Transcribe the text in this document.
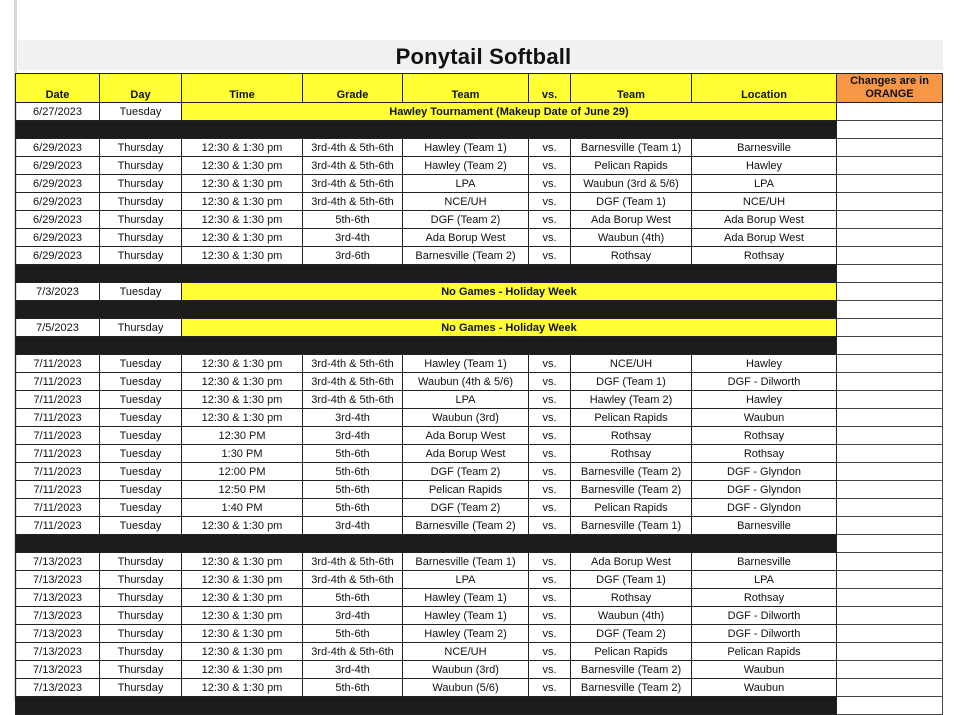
Ponytail Softball
Date	Day	Time	Grade	Team	vs.	Team	Location	Changes are in ORANGE
6/27/2023	Tuesday	Hawley Tournament (Makeup Date of June 29)						

6/29/2023	Thursday	12:30 & 1:30 pm	3rd-4th & 5th-6th	Hawley (Team 1)	vs.	Barnesville (Team 1)	Barnesville	
6/29/2023	Thursday	12:30 & 1:30 pm	3rd-4th & 5th-6th	Hawley (Team 2)	vs.	Pelican Rapids	Hawley	
6/29/2023	Thursday	12:30 & 1:30 pm	3rd-4th & 5th-6th	LPA	vs.	Waubun (3rd & 5/6)	LPA	
6/29/2023	Thursday	12:30 & 1:30 pm	3rd-4th & 5th-6th	NCE/UH	vs.	DGF (Team 1)	NCE/UH	
6/29/2023	Thursday	12:30 & 1:30 pm	5th-6th	DGF (Team 2)	vs.	Ada Borup West	Ada Borup West	
6/29/2023	Thursday	12:30 & 1:30 pm	3rd-4th	Ada Borup West	vs.	Waubun (4th)	Ada Borup West	
6/29/2023	Thursday	12:30 & 1:30 pm	3rd-6th	Barnesville (Team 2)	vs.	Rothsay	Rothsay	

7/3/2023	Tuesday	No Games - Holiday Week						

7/5/2023	Thursday	No Games - Holiday Week						

7/11/2023	Tuesday	12:30 & 1:30 pm	3rd-4th & 5th-6th	Hawley (Team 1)	vs.	NCE/UH	Hawley	
7/11/2023	Tuesday	12:30 & 1:30 pm	3rd-4th & 5th-6th	Waubun (4th & 5/6)	vs.	DGF (Team 1)	DGF - Dilworth	
7/11/2023	Tuesday	12:30 & 1:30 pm	3rd-4th & 5th-6th	LPA	vs.	Hawley (Team 2)	Hawley	
7/11/2023	Tuesday	12:30 & 1:30 pm	3rd-4th	Waubun (3rd)	vs.	Pelican Rapids	Waubun	
7/11/2023	Tuesday	12:30 PM	3rd-4th	Ada Borup West	vs.	Rothsay	Rothsay	
7/11/2023	Tuesday	1:30 PM	5th-6th	Ada Borup West	vs.	Rothsay	Rothsay	
7/11/2023	Tuesday	12:00 PM	5th-6th	DGF (Team 2)	vs.	Barnesville (Team 2)	DGF - Glyndon	
7/11/2023	Tuesday	12:50 PM	5th-6th	Pelican Rapids	vs.	Barnesville (Team 2)	DGF - Glyndon	
7/11/2023	Tuesday	1:40 PM	5th-6th	DGF (Team 2)	vs.	Pelican Rapids	DGF - Glyndon	
7/11/2023	Tuesday	12:30 & 1:30 pm	3rd-4th	Barnesville (Team 2)	vs.	Barnesville (Team 1)	Barnesville	

7/13/2023	Thursday	12:30 & 1:30 pm	3rd-4th & 5th-6th	Barnesville (Team 1)	vs.	Ada Borup West	Barnesville	
7/13/2023	Thursday	12:30 & 1:30 pm	3rd-4th & 5th-6th	LPA	vs.	DGF (Team 1)	LPA	
7/13/2023	Thursday	12:30 & 1:30 pm	5th-6th	Hawley (Team 1)	vs.	Rothsay	Rothsay	
7/13/2023	Thursday	12:30 & 1:30 pm	3rd-4th	Hawley (Team 1)	vs.	Waubun (4th)	DGF - Dilworth	
7/13/2023	Thursday	12:30 & 1:30 pm	5th-6th	Hawley (Team 2)	vs.	DGF (Team 2)	DGF - Dilworth	
7/13/2023	Thursday	12:30 & 1:30 pm	3rd-4th & 5th-6th	NCE/UH	vs.	Pelican Rapids	Pelican Rapids	
7/13/2023	Thursday	12:30 & 1:30 pm	3rd-4th	Waubun (3rd)	vs.	Barnesville (Team 2)	Waubun	
7/13/2023	Thursday	12:30 & 1:30 pm	5th-6th	Waubun (5/6)	vs.	Barnesville (Team 2)	Waubun	
